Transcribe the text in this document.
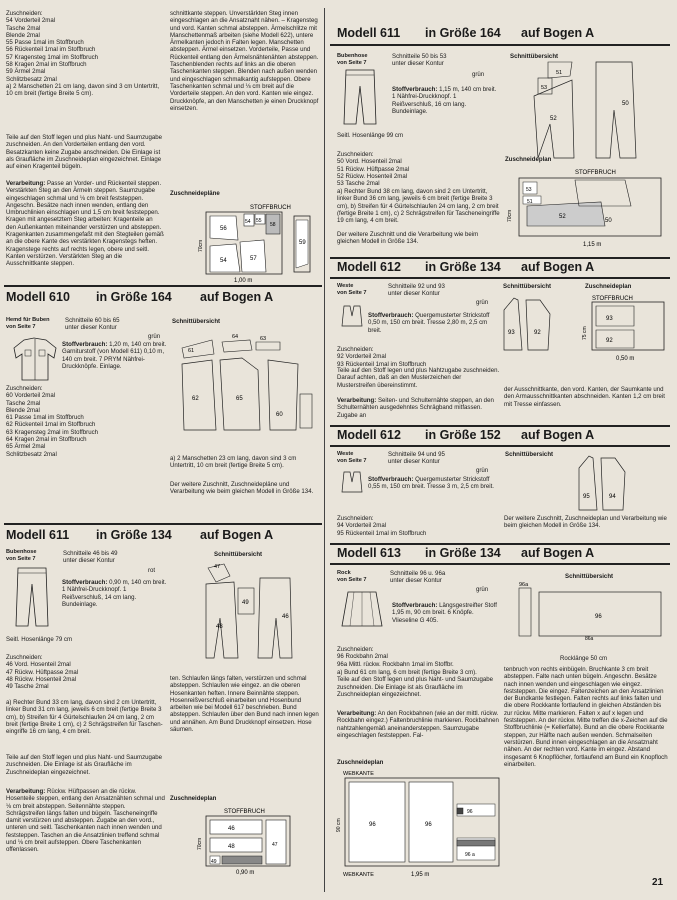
Zuschneiden:
54 Vorderteil 2mal
Tasche 2mal
Blende 2mal
55 Passe 1mal im Stoffbruch
56 Rückenteil 1mal im Stoffbruch
57 Kragensteg 1mal im Stoffbruch
58 Kragen 2mal im Stoffbruch
59 Ärmel 2mal
Schlitzbesatz 2mal
a) 2 Manschetten 21 cm lang, davon sind 3 cm Untertritt, 10 cm breit (fertige Breite 5 cm).
Teile auf den Stoff legen und plus Naht- und Saumzugabe zuschneiden. An den Vorderteilen entlang den vord. Besatzkanten keine Zugabe anschneiden. Die Einlage ist als Graufläche im Zuschneideplan eingezeichnet. Einlage auf einen Kragenteil bügeln.
Verarbeitung: Passe an Vorder- und Rückenteil steppen. Verstärkten Steg an den Ärmeln steppen. Saumzugabe eingeschlagen schmal und ⅛ cm breit feststeppen. Angeschn. Besätze nach innen wenden, entlang den Umbruchlinien einschlagen und 1,5 cm breit feststeppen. Kragen mit angesetztem Steg arbeiten: Kragenteile an den Außenkanten miteinander verstürzen und absteppen. Kragenkanten zusammengefaßt mit den Stegteilen gemäß an die obere Kante des verstärkten Kragenstegs heften. Kragenstege rechts auf rechts legen, obere und seitl. Kanten verstürzen. Verstärkten Steg an die Ausschnittkante steppen.
Modell 610 in Größe 164 auf Bogen A
Hemd für Buben
von Seite 7
Schnitteile 60 bis 65
unter dieser Kontur
grün
Stoffverbrauch: 1,20 m, 140 cm breit. Garniturstoff (von Modell 611) 0,10 m, 140 cm breit. 7 PRYM Nähfrei-Druckknöpfe. Einlage.
Zuschneiden:
60 Vorderteil 2mal
Tasche 2mal
Blende 2mal
61 Passe 1mal im Stoffbruch
62 Rückenteil 1mal im Stoffbruch
63 Kragensteg 2mal im Stoffbruch
64 Kragen 2mal im Stoffbruch
65 Ärmel 2mal
Schlitzbesatz 2mal
Modell 611 in Größe 134 auf Bogen A
Bubenhose
von Seite 7
Schnitteile 46 bis 49
unter dieser Kontur
rot
Stoffverbrauch: 0,90 m, 140 cm breit. 1 Nähfrei-Druckknopf. 1 Reißverschluß, 14 cm lang. Bundeinlage.
Seitl. Hosenlänge 79 cm
Zuschneiden:
46 Vord. Hosenteil 2mal
47 Rückw. Hüftpasse 2mal
48 Rückw. Hosenteil 2mal
49 Tasche 2mal
a) Rechter Bund 33 cm lang, davon sind 2 cm Untertritt, linker Bund 31 cm lang, jeweils 6 cm breit (fertige Breite 3 cm), b) Streifen für 4 Gürtelschlaufen 24 cm lang, 2 cm breit (fertige Breite 1 cm), c) 2 Schrägstreifen für Tascheneingriffe 16 cm lang, 4 cm breit.
Teile auf den Stoff legen und plus Naht- und Saumzugabe zuschneiden. Die Einlage ist als Graufläche im Zuschneideplan eingezeichnet.
Verarbeitung: Rückw. Hüftpassen an die rückw. Hosenteile steppen, entlang den Ansatznähten schmal und ⅛ cm breit absteppen. Seitennähte steppen. Schrägstreifen längs falten und bügeln. Tascheneingriffe damit verstürzen und absteppen. Zugabe an den vord., unteren und seitl. Taschenkanten nach innen wenden und feststeppen. Taschen an die Ansatzlinien treffend schmal und ⅛ cm breit aufsteppen. Obere Taschenkanten offenlassen.
schnittkante steppen. Unverstärkten Steg innen eingeschlagen an die Ansatznaht nähen. – Kragensteg und vord. Kanten schmal absteppen. Ärmelschlitze mit Manschettenmaß arbeiten (siehe Modell 622), untere Ärmelkanten jedoch in Falten legen. Manschetten absteppen. Ärmel einsetzen. Vorderteile, Passe und Rückenteil entlang den Ärmelsnähtenähten absteppen. Taschenblenden rechts auf links an die oberen Taschenkanten steppen. Blenden nach außen wenden und eingeschlagen schmalkantig aufsteppen. Obere Taschenkanten schmal und ⅛ cm breit auf die Vorderteile steppen. An den vord. Kanten wie eingez. Druckknöpfe, an den Manschetten je einen Druckknopf einsetzen.
Zuschneidepläne
STOFFBRUCH
56
54	57
54 55
58
70cm
1,00 m
59
Schnittübersicht
61
64	63
62	65
60
a) 2 Manschetten 23 cm lang, davon sind 3 cm Untertritt, 10 cm breit (fertige Breite 5 cm).
Der weitere Zuschnitt, Zuschneidepläne und Verarbeitung wie beim gleichen Modell in Größe 134.
Schnittübersicht
47
48
49
46
ten. Schlaufen längs falten, verstürzen und schmal absteppen. Schlaufen wie eingez. an die oberen Hosenkanten heften. Innere Beinnähte steppen. Hosenreißverschluß einarbeiten und Hosenbund arbeiten wie bei Modell 617 beschrieben. Bund absteppen. Schlaufen über den Bund nach innen legen und annähen. Am Bund Druckknopf einsetzen. Hose säumen.
Zuschneideplan
STOFFBRUCH
46
48
49
47
70cm
0,90 m
Modell 611 in Größe 164 auf Bogen A
Bubenhose
von Seite 7
Schnitteile 50 bis 53
unter dieser Kontur
grün
Stoffverbrauch: 1,15 m, 140 cm breit. 1 Nähfrei-Druckknopf. 1 Reißverschluß, 16 cm lang. Bundeinlage.
Seitl. Hosenlänge 99 cm
Zuschneiden:
50 Vord. Hosenteil 2mal
51 Rückw. Hüftpasse 2mal
52 Rückw. Hosenteil 2mal
53 Tasche 2mal
a) Rechter Bund 38 cm lang, davon sind 2 cm Untertritt, linker Bund 36 cm lang, jeweils 6 cm breit (fertige Breite 3 cm), b) Streifen für 4 Gürtelschlaufen 24 cm lang, 2 cm breit (fertige Breite 1 cm), c) 2 Schrägstreifen für Tascheneingriffe 19 cm lang, 4 cm breit.
Der weitere Zuschnitt und die Verarbeitung wie beim gleichen Modell in Größe 134.
Schnittübersicht
53
51
52
50
Zuschneideplan
STOFFBRUCH
53
52
51
70cm
1,15 m
50
Modell 612 in Größe 134 auf Bogen A
Weste
von Seite 7
Schnitteile 92 und 93
unter dieser Kontur
grün
Stoffverbrauch: Quergemusterter Strickstoff 0,50 m, 150 cm breit. Tresse 2,80 m, 2,5 cm breit.
Zuschneiden:
92 Vorderteil 2mal
93 Rückenteil 1mal im Stoffbruch
Teile auf den Stoff legen und plus Nahtzugabe zuschneiden. Darauf achten, daß an den Musterzeichen der Musterstreifen übereinstimmt.
Verarbeitung: Seiten- und Schulternähte steppen, an den Schulternähten ausgedehntes Schrägband mitfassen. Zugabe an
Schnittübersicht
93	92
Zuschneideplan
STOFFBRUCH
93
92
75 cm
0,50 m
der Ausschnittkante, den vord. Kanten, der Saumkante und den Armausschnittkanten abschneiden. Kanten 1,2 cm breit mit Tresse einfassen.
Modell 612 in Größe 152 auf Bogen A
Weste
von Seite 7
Schnitteile 94 und 95
unter dieser Kontur
grün
Stoffverbrauch: Quergemusterter Strickstoff 0,55 m, 150 cm breit. Tresse 3 m, 2,5 cm breit.
Zuschneiden:
94 Vorderteil 2mal
95 Rückenteil 1mal im Stoffbruch
Schnittübersicht
95	94
Der weitere Zuschnitt, Zuschneideplan und Verarbeitung wie beim gleichen Modell in Größe 134.
Modell 613 in Größe 134 auf Bogen A
Rock
von Seite 7
Schnitteile 96 u. 96a
unter dieser Kontur
grün
Stoffverbrauch: Längsgestreifter Stoff 1,95 m, 90 cm breit. 6 Knöpfe. Vlieseline G 405.
Zuschneiden:
96 Rockbahn 2mal
96a Mittl. rückw. Rockbahn 1mal im Stoffbr.
a) Bund 61 cm lang, 6 cm breit (fertige Breite 3 cm).
Teile auf den Stoff legen und plus Naht- und Saumzugabe zuschneiden. Die Einlage ist als Graufläche im Zuschneideplan eingezeichnet.
Verarbeitung: An den Rockbahnen (wie an der mittl. rückw. Rockbahn eingez.) Faltenbruchlinie markieren. Rockbahnen nahtzahlengemäß aneinandersteppen. Saumzugabe eingeschlagen feststeppen. Fal-
Schnittübersicht
96a
96
86a
Rocklänge 50 cm
tenbruch von rechts einbügeln. Bruchkante 3 cm breit absteppen. Falte nach unten bügeln. Angeschn. Besätze nach innen wenden und eingeschlagen wie eingez. feststeppen. Die eingez. Faltenzeichen an den Ansatzlinien der Bundkante festlegen. Falten rechts auf links falten und die obere Rockkante fortlaufend in gleichen Abständen bis zur rückw. Mitte markieren. Falten x auf x legen und feststeppen. An der rückw. Mitte treffen die x-Zeichen auf die Stoffbruchlinie (= Kellerfalte). Bund an die obere Rockkante steppen, zur Hälfte nach außen wenden. Schmalseiten verstürzen. Bund innen eingeschlagen an die Ansatznaht nähen. An der rechten vord. Kante im eingez. Abstand insgesamt 6 Knopflöcher, fortlaufend am Bund ein Knopfloch einarbeiten.
Zuschneideplan
WEBKANTE
96	96
96
96 a
90 cm
WEBKANTE	1,95 m
21
